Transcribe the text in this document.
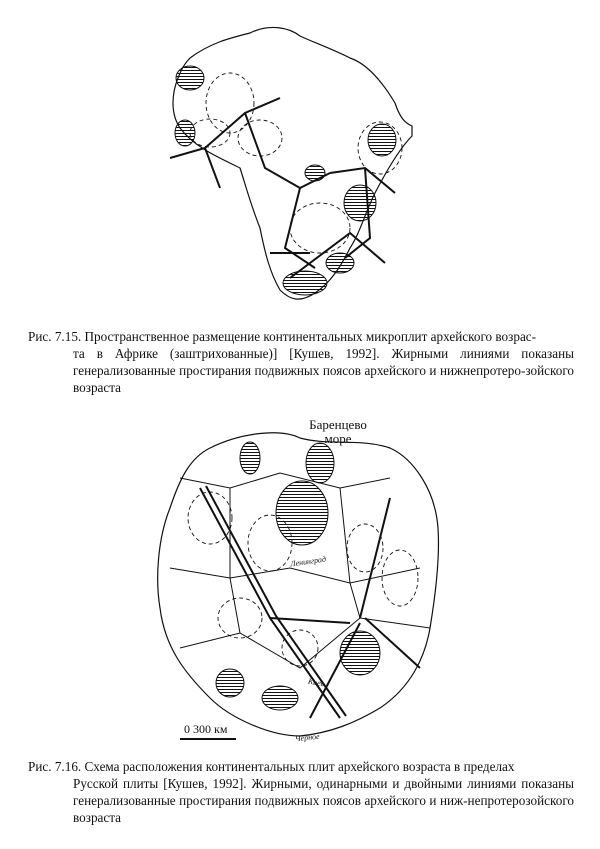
Рис. 7.15. Пространственное размещение континентальных микроплит архейского возрас-
та в Африке (заштрихованные)] [Кушев, 1992]. Жирными линиями показаны генерализованные простирания подвижных поясов архейского и нижнепротеро-зойского возраста
Баренцево море
Ленинград
Киев
Черное
0 300 км
Рис. 7.16. Схема расположения континентальных плит архейского возраста в пределах
Русской плиты [Кушев, 1992]. Жирными, одинарными и двойными линиями показаны генерализованные простирания подвижных поясов архейского и ниж-непротерозойского возраста
